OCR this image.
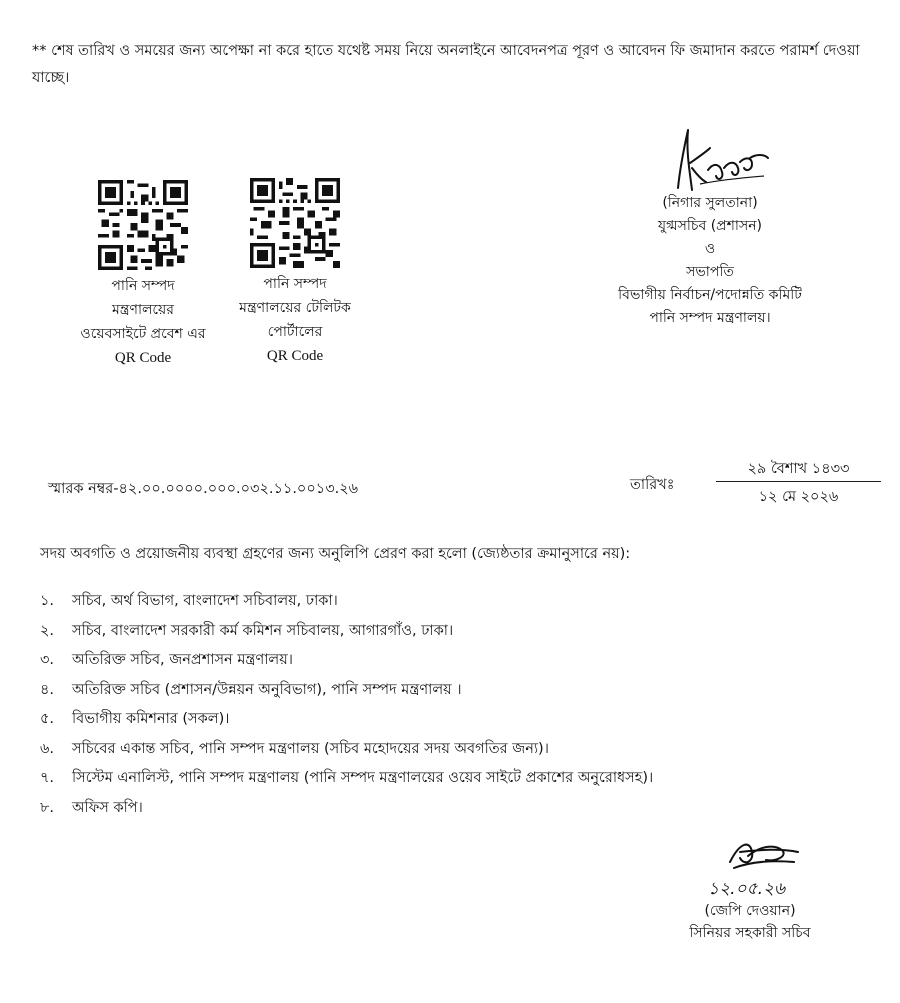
** শেষ তারিখ ও সময়ের জন্য অপেক্ষা না করে হাতে যথেষ্ট সময় নিয়ে অনলাইনে আবেদনপত্র পূরণ ও আবেদন ফি জমাদান করতে পরামর্শ দেওয়া যাচ্ছে।
পানি সম্পদ
মন্ত্রণালয়ের
ওয়েবসাইটে প্রবেশ এর
QR Code
পানি সম্পদ
মন্ত্রণালয়ের টেলিটক
পোর্টালের
QR Code
(নিগার সুলতানা)
যুগ্মসচিব (প্রশাসন)
ও
সভাপতি
বিভাগীয় নির্বাচন/পদোন্নতি কমিটি
পানি সম্পদ মন্ত্রণালয়।
স্মারক নম্বর-৪২.০০.০০০০.০০০.০৩২.১১.০০১৩.২৬	তারিখঃ
২৯ বৈশাখ ১৪৩৩
১২ মে ২০২৬
সদয় অবগতি ও প্রয়োজনীয় ব্যবস্থা গ্রহণের জন্য অনুলিপি প্রেরণ করা হলো (জ্যেষ্ঠতার ক্রমানুসারে নয়):
১.	সচিব, অর্থ বিভাগ, বাংলাদেশ সচিবালয়, ঢাকা।
২.	সচিব, বাংলাদেশ সরকারী কর্ম কমিশন সচিবালয়, আগারগাঁও, ঢাকা।
৩.	অতিরিক্ত সচিব, জনপ্রশাসন মন্ত্রণালয়।
৪.	অতিরিক্ত সচিব (প্রশাসন/উন্নয়ন অনুবিভাগ), পানি সম্পদ মন্ত্রণালয় ।
৫.	বিভাগীয় কমিশনার (সকল)।
৬.	সচিবের একান্ত সচিব, পানি সম্পদ মন্ত্রণালয় (সচিব মহোদয়ের সদয় অবগতির জন্য)।
৭.	সিস্টেম এনালিস্ট, পানি সম্পদ মন্ত্রণালয় (পানি সম্পদ মন্ত্রণালয়ের ওয়েব সাইটে প্রকাশের অনুরোধসহ)।
৮.	অফিস কপি।
১২.০৫.২৬
(জেপি দেওয়ান)
সিনিয়র সহকারী সচিব
